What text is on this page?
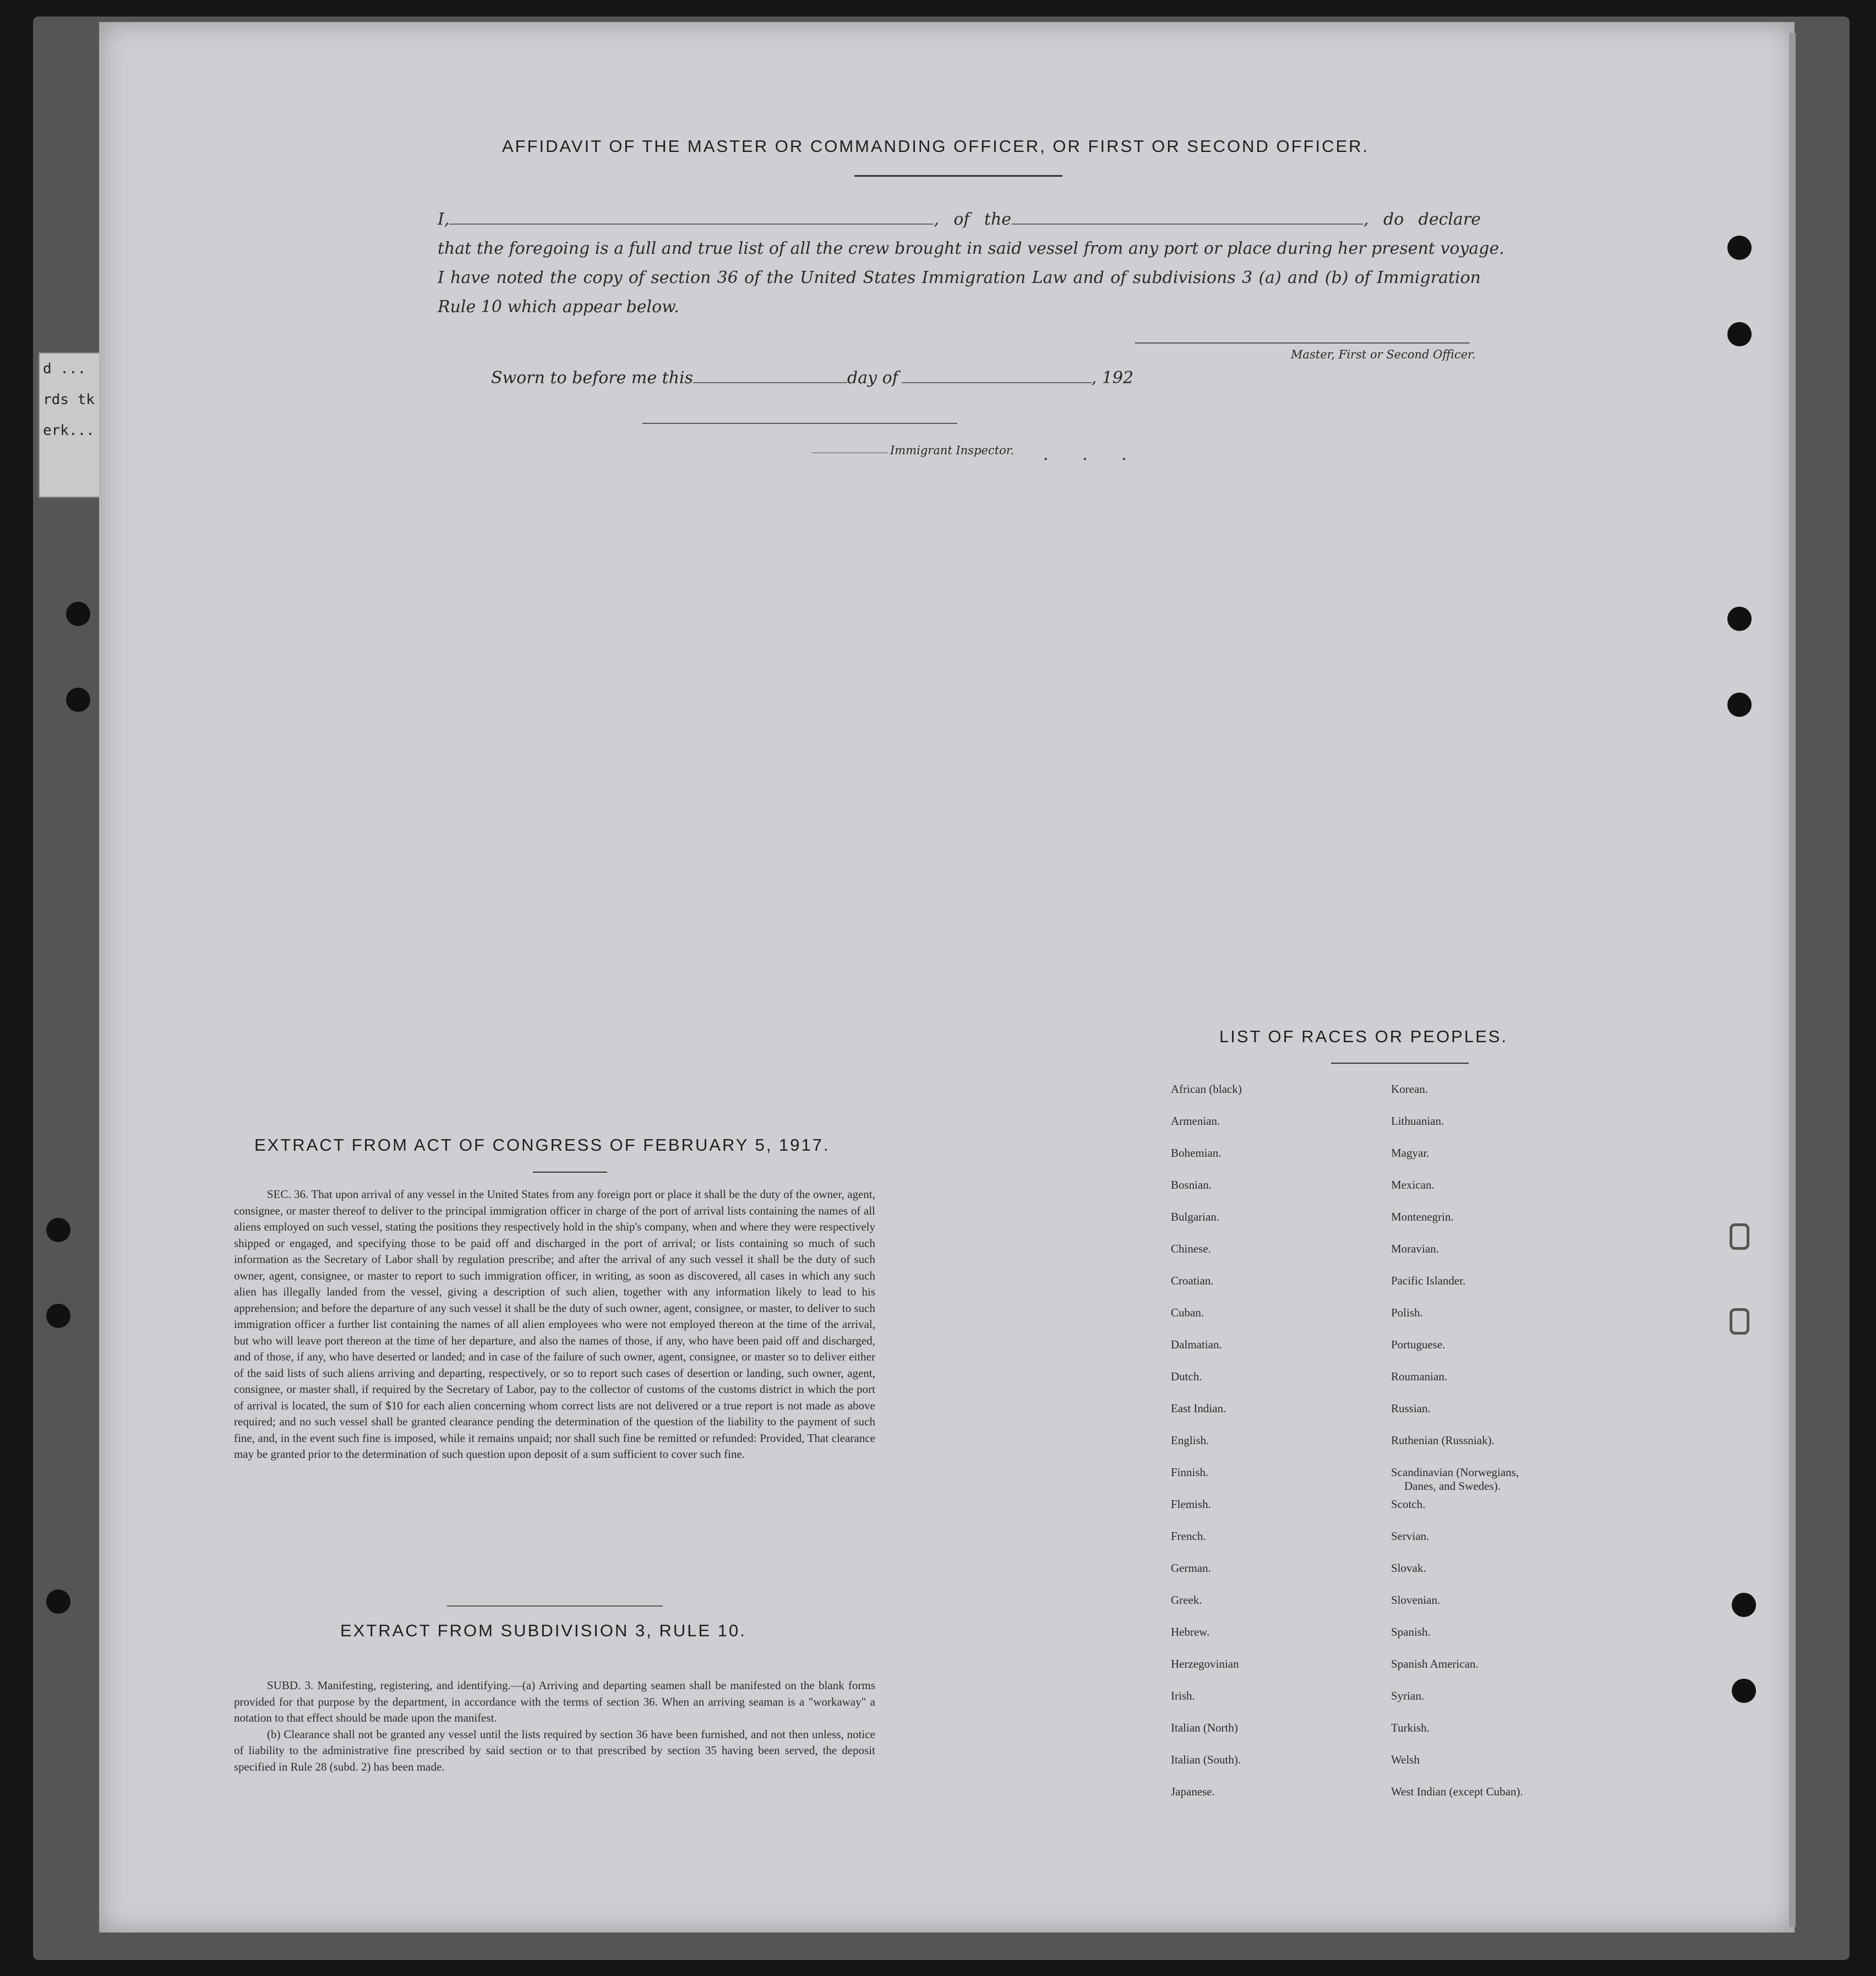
d ...
rds tk
erk...
AFFIDAVIT OF THE MASTER OR COMMANDING OFFICER, OR FIRST OR SECOND OFFICER.
I,	, of the	, do declare
that the foregoing is a full and true list of all the crew brought in said vessel from any port or place during her present voyage.
I have noted the copy of section 36 of the United States Immigration Law and of subdivisions 3 (a) and (b) of Immigration
Rule 10 which appear below.
Master, First or Second Officer.
Sworn to before me this	day of	, 192
Immigrant Inspector. . . .
EXTRACT FROM ACT OF CONGRESS OF FEBRUARY 5, 1917.

SEC. 36. That upon arrival of any vessel in the United States from any foreign port or place it shall be the duty of the owner, agent, consignee, or master thereof to deliver to the principal immigration officer in charge of the port of arrival lists containing the names of all aliens employed on such vessel, stating the positions they respectively hold in the ship's company, when and where they were respectively shipped or engaged, and specifying those to be paid off and discharged in the port of arrival; or lists containing so much of such information as the Secretary of Labor shall by regulation prescribe; and after the arrival of any such vessel it shall be the duty of such owner, agent, consignee, or master to report to such immigration officer, in writing, as soon as discovered, all cases in which any such alien has illegally landed from the vessel, giving a description of such alien, together with any information likely to lead to his apprehension; and before the departure of any such vessel it shall be the duty of such owner, agent, consignee, or master, to deliver to such immigration officer a further list containing the names of all alien employees who were not employed thereon at the time of the arrival, but who will leave port thereon at the time of her departure, and also the names of those, if any, who have been paid off and discharged, and of those, if any, who have deserted or landed; and in case of the failure of such owner, agent, consignee, or master so to deliver either of the said lists of such aliens arriving and departing, respectively, or so to report such cases of desertion or landing, such owner, agent, consignee, or master shall, if required by the Secretary of Labor, pay to the collector of customs of the customs district in which the port of arrival is located, the sum of $10 for each alien concerning whom correct lists are not delivered or a true report is not made as above required; and no such vessel shall be granted clearance pending the determination of the question of the liability to the payment of such fine, and, in the event such fine is imposed, while it remains unpaid; nor shall such fine be remitted or refunded: Provided, That clearance may be granted prior to the determination of such question upon deposit of a sum sufficient to cover such fine.

EXTRACT FROM SUBDIVISION 3, RULE 10.

SUBD. 3. Manifesting, registering, and identifying.—(a) Arriving and departing seamen shall be manifested on the blank forms provided for that purpose by the department, in accordance with the terms of section 36. When an arriving seaman is a "workaway" a notation to that effect should be made upon the manifest.

(b) Clearance shall not be granted any vessel until the lists required by section 36 have been furnished, and not then unless, notice of liability to the administrative fine prescribed by said section or to that prescribed by section 35 having been served, the deposit specified in Rule 28 (subd. 2) has been made.

LIST OF RACES OR PEOPLES.
African (black)
Armenian.
Bohemian.
Bosnian.
Bulgarian.
Chinese.
Croatian.
Cuban.
Dalmatian.
Dutch.
East Indian.
English.
Finnish.
Flemish.
French.
German.
Greek.
Hebrew.
Herzegovinian
Irish.
Italian (North)
Italian (South).
Japanese.
Korean.
Lithuanian.
Magyar.
Mexican.
Montenegrin.
Moravian.
Pacific Islander.
Polish.
Portuguese.
Roumanian.
Russian.
Ruthenian (Russniak).
Scandinavian (Norwegians,
Danes, and Swedes).
Scotch.
Servian.
Slovak.
Slovenian.
Spanish.
Spanish American.
Syrian.
Turkish.
Welsh
West Indian (except Cuban).
